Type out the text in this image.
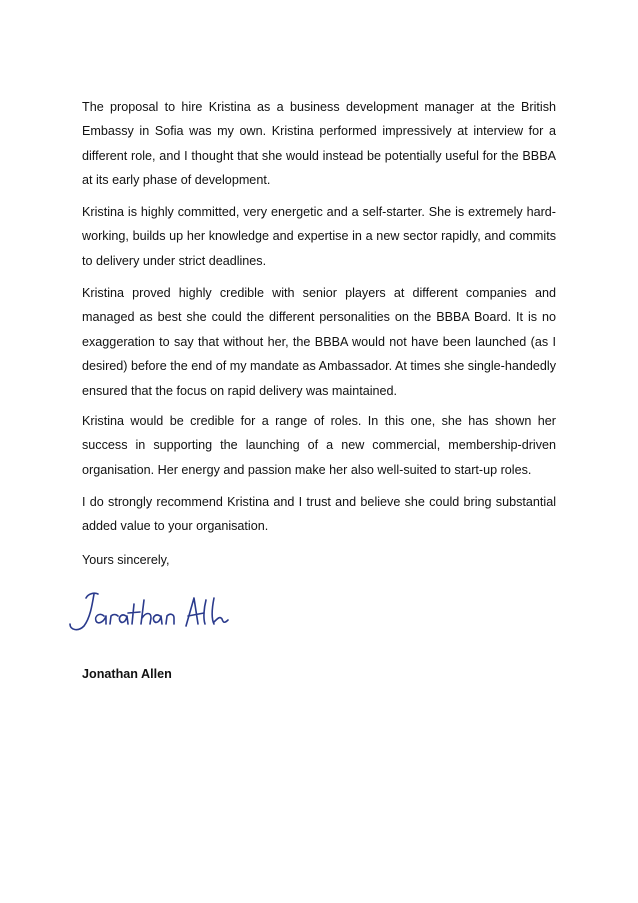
The proposal to hire Kristina as a business development manager at the British Embassy in Sofia was my own. Kristina performed impressively at interview for a different role, and I thought that she would instead be potentially useful for the BBBA at its early phase of development.

Kristina is highly committed, very energetic and a self-starter. She is extremely hard-working, builds up her knowledge and expertise in a new sector rapidly, and commits to delivery under strict deadlines.

Kristina proved highly credible with senior players at different companies and managed as best she could the different personalities on the BBBA Board. It is no exaggeration to say that without her, the BBBA would not have been launched (as I desired) before the end of my mandate as Ambassador. At times she single-handedly ensured that the focus on rapid delivery was maintained.

Kristina would be credible for a range of roles. In this one, she has shown her success in supporting the launching of a new commercial, membership-driven organisation. Her energy and passion make her also well-suited to start-up roles.

I do strongly recommend Kristina and I trust and believe she could bring substantial added value to your organisation.

Yours sincerely,

Jonathan Allen
